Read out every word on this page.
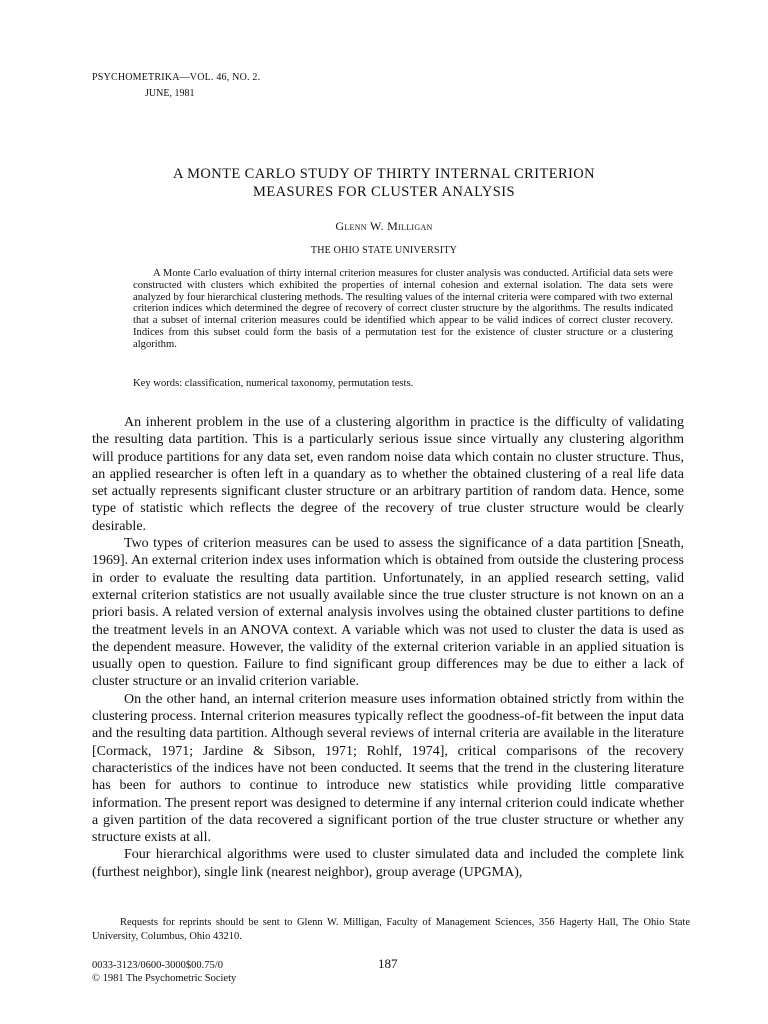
PSYCHOMETRIKA—VOL. 46, NO. 2.
JUNE, 1981
A MONTE CARLO STUDY OF THIRTY INTERNAL CRITERION
MEASURES FOR CLUSTER ANALYSIS
Glenn W. Milligan
THE OHIO STATE UNIVERSITY

A Monte Carlo evaluation of thirty internal criterion measures for cluster analysis was conducted. Artificial data sets were constructed with clusters which exhibited the properties of internal cohesion and external isolation. The data sets were analyzed by four hierarchical clustering methods. The resulting values of the internal criteria were compared with two external criterion indices which determined the degree of recovery of correct cluster structure by the algorithms. The results indicated that a subset of internal criterion measures could be identified which appear to be valid indices of correct cluster recovery. Indices from this subset could form the basis of a permutation test for the existence of cluster structure or a clustering algorithm.

Key words: classification, numerical taxonomy, permutation tests.

An inherent problem in the use of a clustering algorithm in practice is the difficulty of validating the resulting data partition. This is a particularly serious issue since virtually any clustering algorithm will produce partitions for any data set, even random noise data which contain no cluster structure. Thus, an applied researcher is often left in a quandary as to whether the obtained clustering of a real life data set actually represents significant cluster structure or an arbitrary partition of random data. Hence, some type of statistic which reflects the degree of the recovery of true cluster structure would be clearly desirable.

Two types of criterion measures can be used to assess the significance of a data partition [Sneath, 1969]. An external criterion index uses information which is obtained from outside the clustering process in order to evaluate the resulting data partition. Unfortunately, in an applied research setting, valid external criterion statistics are not usually available since the true cluster structure is not known on an a priori basis. A related version of external analysis involves using the obtained cluster partitions to define the treatment levels in an ANOVA context. A variable which was not used to cluster the data is used as the dependent measure. However, the validity of the external criterion variable in an applied situation is usually open to question. Failure to find significant group differences may be due to either a lack of cluster structure or an invalid criterion variable.

On the other hand, an internal criterion measure uses information obtained strictly from within the clustering process. Internal criterion measures typically reflect the goodness-of-fit between the input data and the resulting data partition. Although several reviews of internal criteria are available in the literature [Cormack, 1971; Jardine & Sibson, 1971; Rohlf, 1974], critical comparisons of the recovery characteristics of the indices have not been conducted. It seems that the trend in the clustering literature has been for authors to continue to introduce new statistics while providing little comparative information. The present report was designed to determine if any internal criterion could indicate whether a given partition of the data recovered a significant portion of the true cluster structure or whether any structure exists at all.

Four hierarchical algorithms were used to cluster simulated data and included the complete link (furthest neighbor), single link (nearest neighbor), group average (UPGMA),

Requests for reprints should be sent to Glenn W. Milligan, Faculty of Management Sciences, 356 Hagerty Hall, The Ohio State University, Columbus, Ohio 43210.

0033-3123/0600-3000$00.75/0
© 1981 The Psychometric Society
187
